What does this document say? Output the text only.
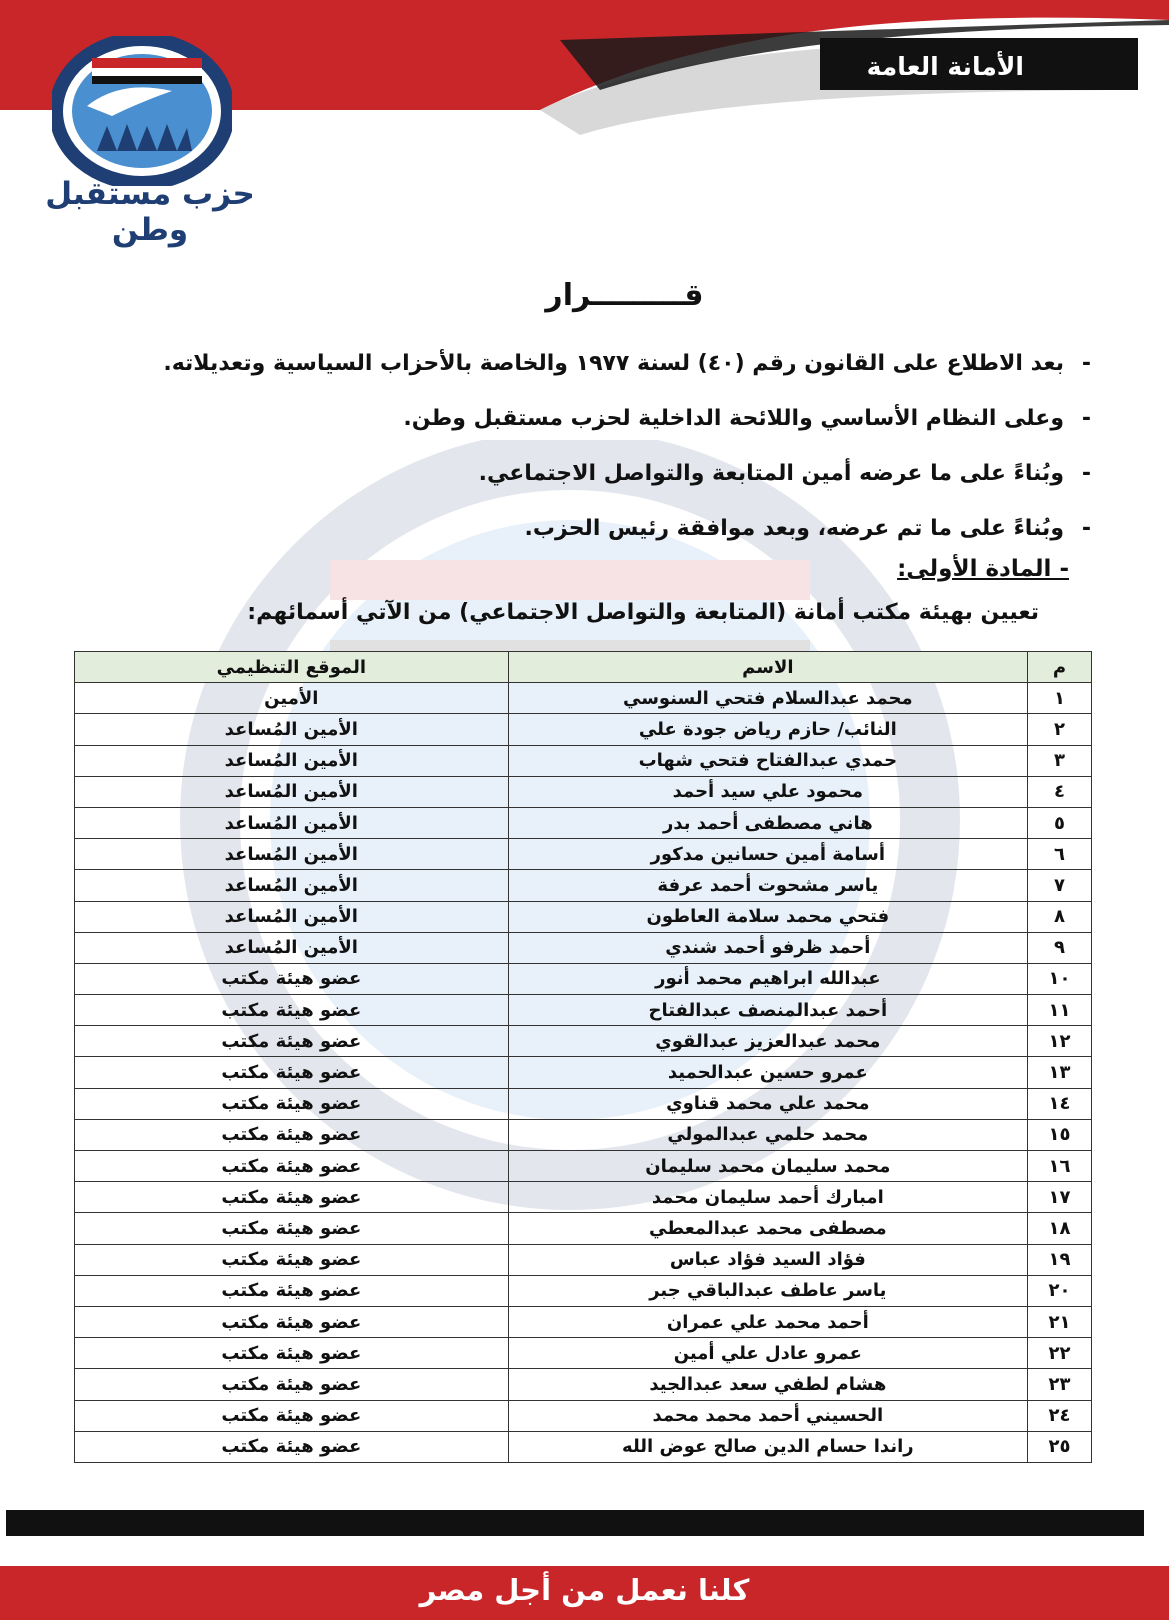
حزب مستقبل وطن
الأمانة العامة
قـــــــــرار
-بعد الاطلاع على القانون رقم (٤٠) لسنة ١٩٧٧ والخاصة بالأحزاب السياسية وتعديلاته.
-وعلى النظام الأساسي واللائحة الداخلية لحزب مستقبل وطن.
-وبُناءً على ما عرضه أمين المتابعة والتواصل الاجتماعي.
-وبُناءً على ما تم عرضه، وبعد موافقة رئيس الحزب.
- المادة الأولى:
تعيين بهيئة مكتب أمانة (المتابعة والتواصل الاجتماعي) من الآتي أسمائهم:
م	الاسم	الموقع التنظيمي
١	محمد عبدالسلام فتحي السنوسي	الأمين
٢	النائب/ حازم رياض جودة علي	الأمين المُساعد
٣	حمدي عبدالفتاح فتحي شهاب	الأمين المُساعد
٤	محمود علي سيد أحمد	الأمين المُساعد
٥	هاني مصطفى أحمد بدر	الأمين المُساعد
٦	أسامة أمين حسانين مدكور	الأمين المُساعد
٧	ياسر مشحوت أحمد عرفة	الأمين المُساعد
٨	فتحي محمد سلامة العاطون	الأمين المُساعد
٩	أحمد ظرفو أحمد شندي	الأمين المُساعد
١٠	عبدالله ابراهيم محمد أنور	عضو هيئة مكتب
١١	أحمد عبدالمنصف عبدالفتاح	عضو هيئة مكتب
١٢	محمد عبدالعزيز عبدالقوي	عضو هيئة مكتب
١٣	عمرو حسين عبدالحميد	عضو هيئة مكتب
١٤	محمد علي محمد قناوي	عضو هيئة مكتب
١٥	محمد حلمي عبدالمولي	عضو هيئة مكتب
١٦	محمد سليمان محمد سليمان	عضو هيئة مكتب
١٧	امبارك أحمد سليمان محمد	عضو هيئة مكتب
١٨	مصطفى محمد عبدالمعطي	عضو هيئة مكتب
١٩	فؤاد السيد فؤاد عباس	عضو هيئة مكتب
٢٠	ياسر عاطف عبدالباقي جبر	عضو هيئة مكتب
٢١	أحمد محمد علي عمران	عضو هيئة مكتب
٢٢	عمرو عادل علي أمين	عضو هيئة مكتب
٢٣	هشام لطفي سعد عبدالجيد	عضو هيئة مكتب
٢٤	الحسيني أحمد محمد محمد	عضو هيئة مكتب
٢٥	راندا حسام الدين صالح عوض الله	عضو هيئة مكتب
كلنا نعمل من أجل مصر
